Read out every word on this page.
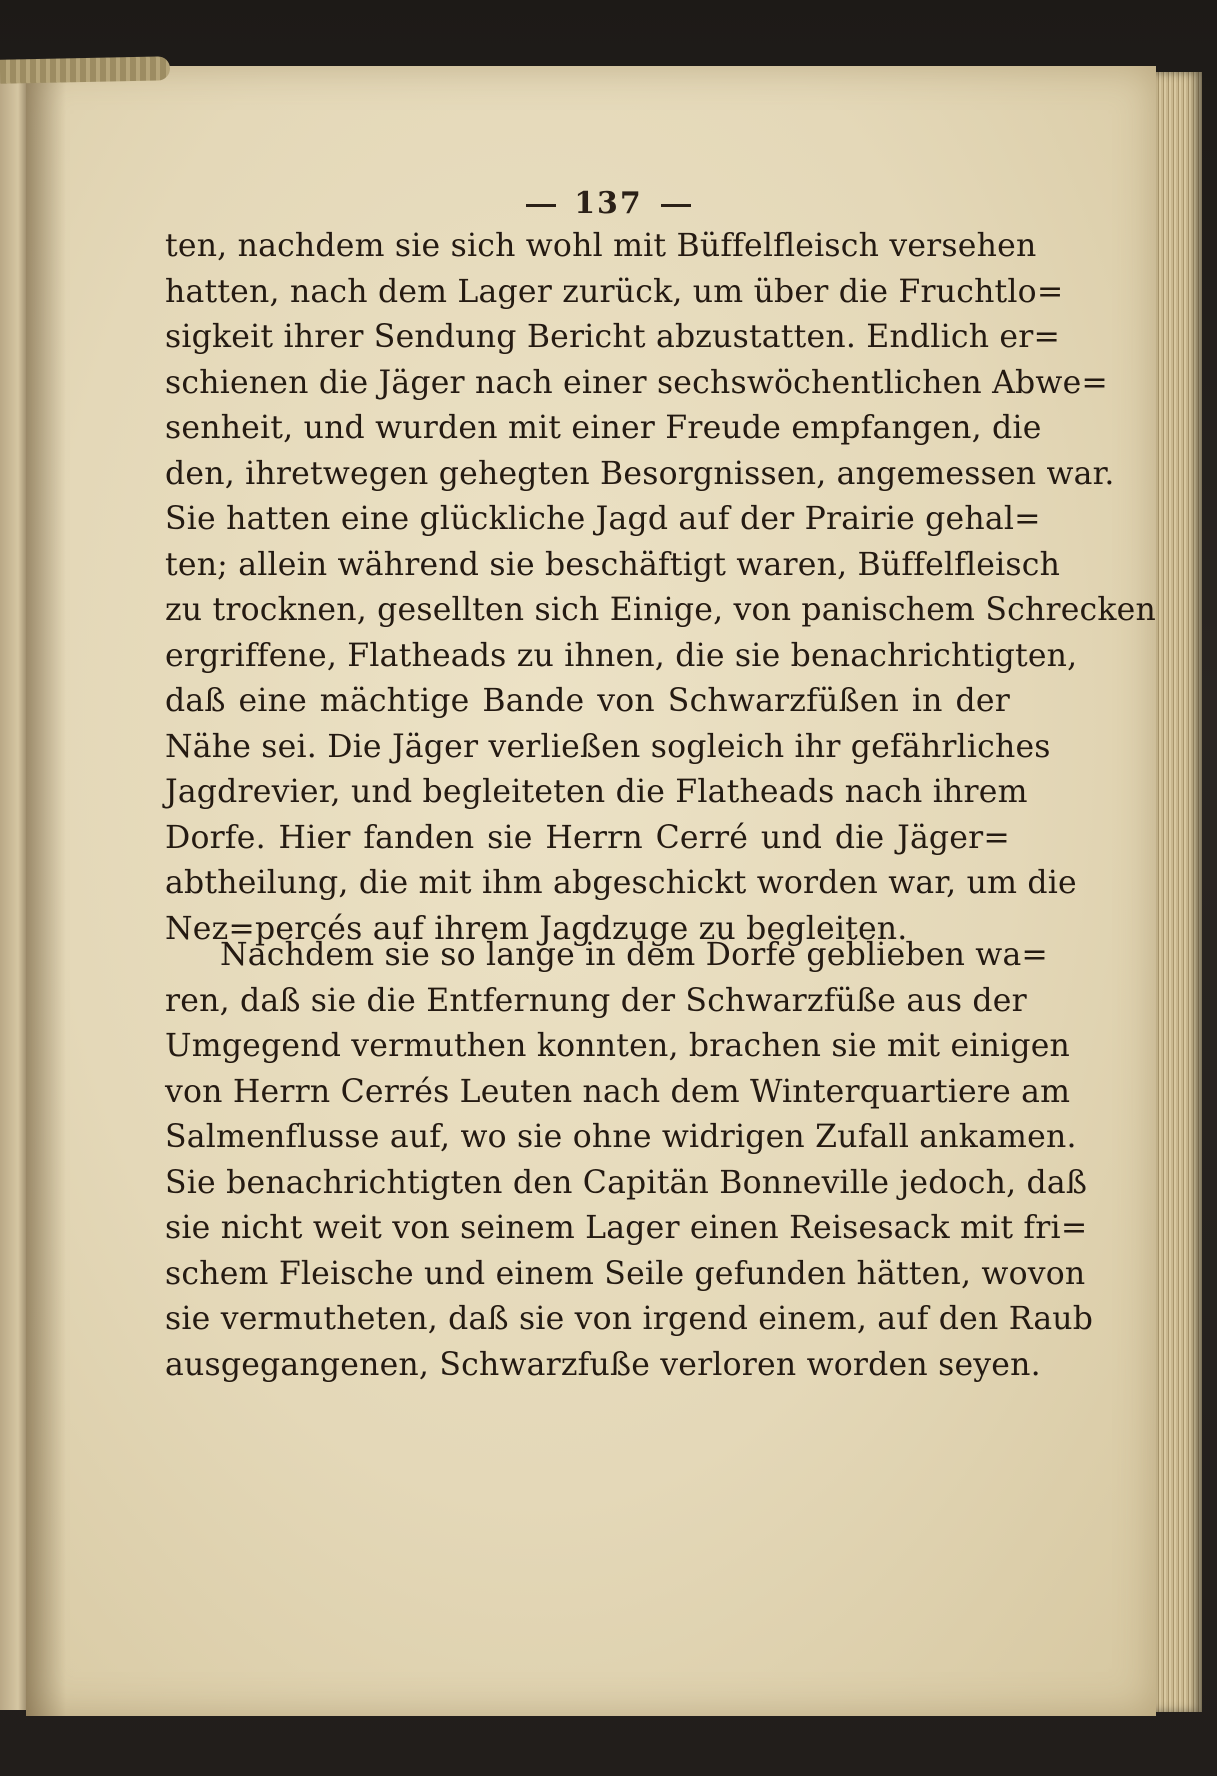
137
ten, nachdem sie sich wohl mit Büffelfleisch versehen
hatten, nach dem Lager zurück, um über die Fruchtlo=
sigkeit ihrer Sendung Bericht abzustatten. Endlich er=
schienen die Jäger nach einer sechswöchentlichen Abwe=
senheit, und wurden mit einer Freude empfangen, die
den, ihretwegen gehegten Besorgnissen, angemessen war.
Sie hatten eine glückliche Jagd auf der Prairie gehal=
ten; allein während sie beschäftigt waren, Büffelfleisch
zu trocknen, gesellten sich Einige, von panischem Schrecken
ergriffene, Flatheads zu ihnen, die sie benachrichtigten,
daß eine mächtige Bande von Schwarzfüßen in der
Nähe sei. Die Jäger verließen sogleich ihr gefährliches
Jagdrevier, und begleiteten die Flatheads nach ihrem
Dorfe. Hier fanden sie Herrn Cerré und die Jäger=
abtheilung, die mit ihm abgeschickt worden war, um die
Nez=percés auf ihrem Jagdzuge zu begleiten.
Nachdem sie so lange in dem Dorfe geblieben wa=
ren, daß sie die Entfernung der Schwarzfüße aus der
Umgegend vermuthen konnten, brachen sie mit einigen
von Herrn Cerrés Leuten nach dem Winterquartiere am
Salmenflusse auf, wo sie ohne widrigen Zufall ankamen.
Sie benachrichtigten den Capitän Bonneville jedoch, daß
sie nicht weit von seinem Lager einen Reisesack mit fri=
schem Fleische und einem Seile gefunden hätten, wovon
sie vermutheten, daß sie von irgend einem, auf den Raub
ausgegangenen, Schwarzfuße verloren worden seyen.
